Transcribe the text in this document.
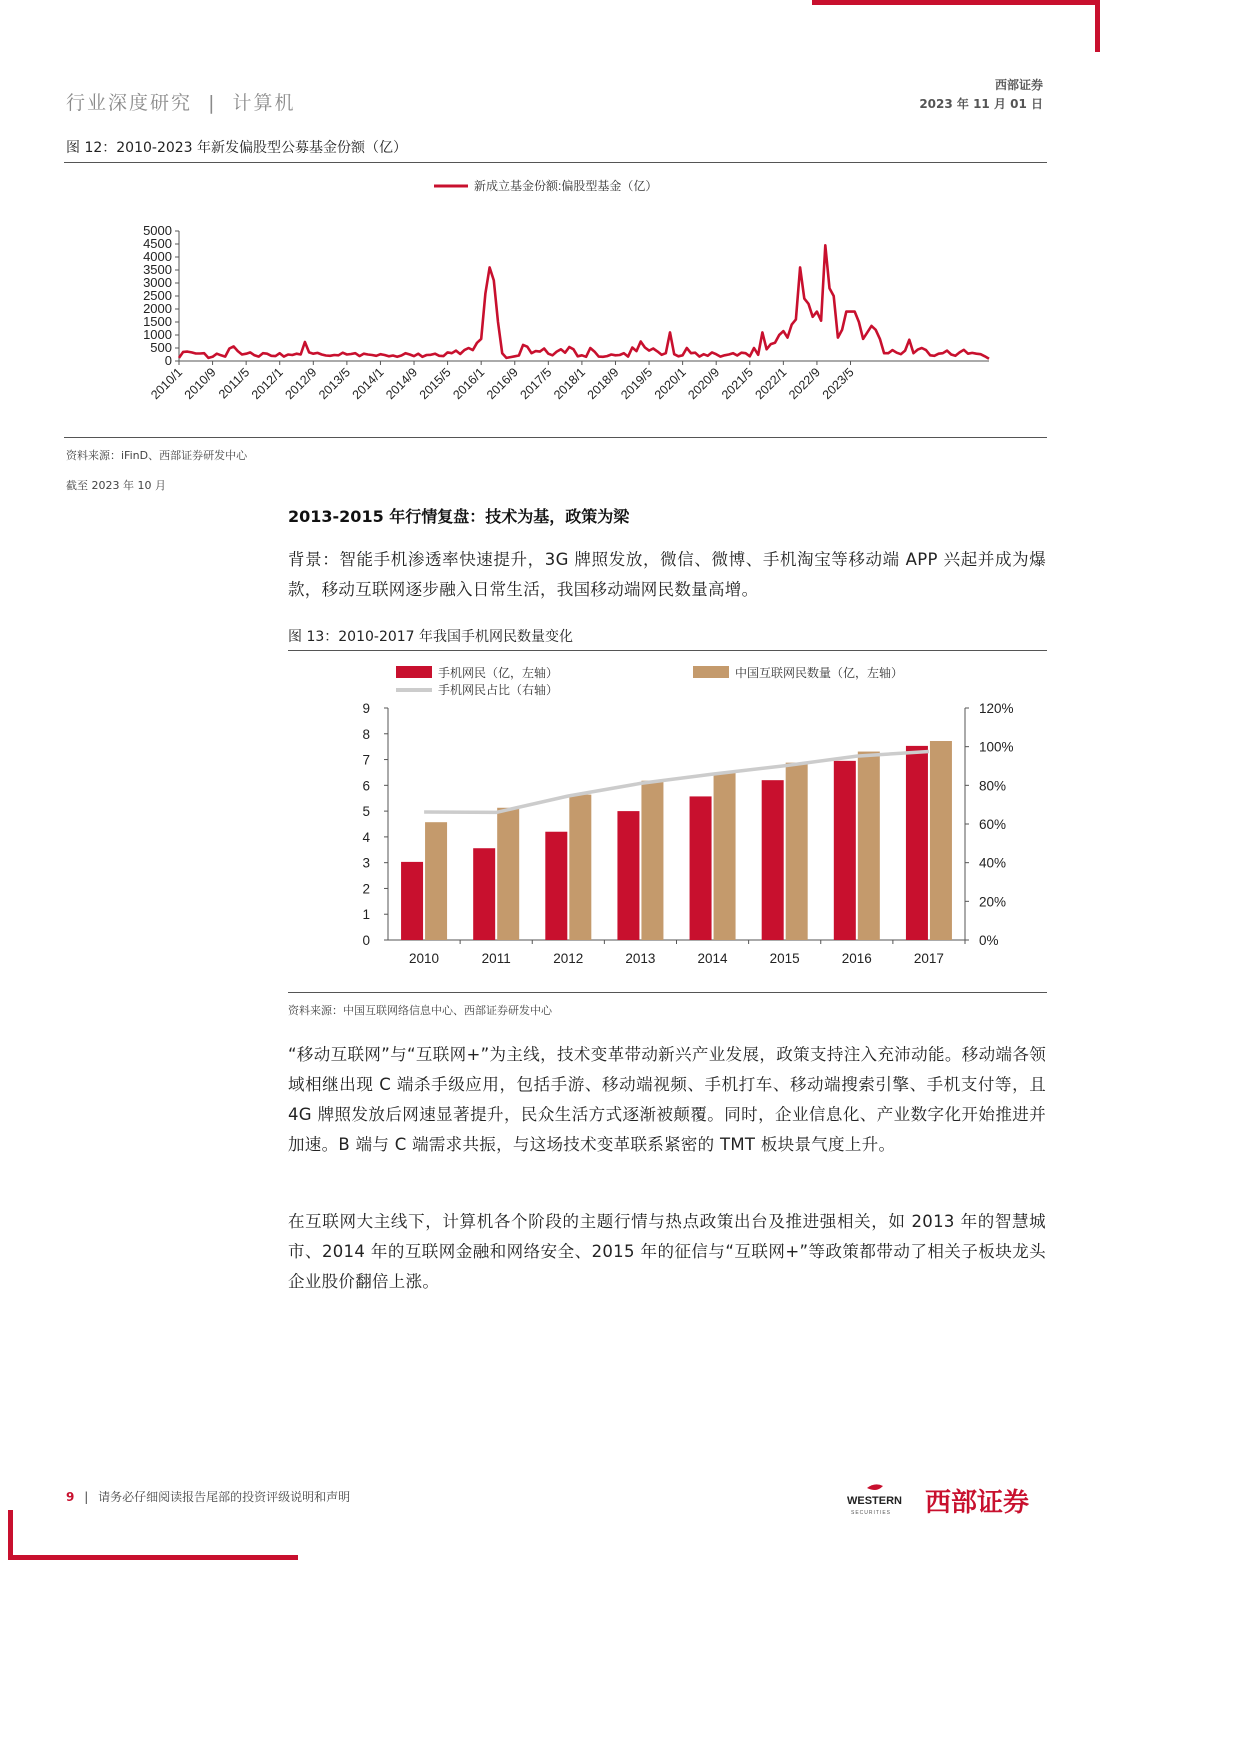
行业深度研究 | 计算机
西部证券
2023 年 11 月 01 日
图 12：2010-2023 年新发偏股型公募基金份额（亿）
新成立基金份额:偏股型基金（亿）
0
500
1000
1500
2000
2500
3000
3500
4000
4500
5000
2010/1
2010/9
2011/5
2012/1
2012/9
2013/5
2014/1
2014/9
2015/5
2016/1
2016/9
2017/5
2018/1
2018/9
2019/5
2020/1
2020/9
2021/5
2022/1
2022/9
2023/5
资料来源：iFinD、西部证券研发中心
截至 2023 年 10 月
2013-2015 年行情复盘：技术为基，政策为梁
背景：智能手机渗透率快速提升，3G 牌照发放，微信、微博、手机淘宝等移动端 APP 兴起并成为爆款，移动互联网逐步融入日常生活，我国移动端网民数量高增。
图 13：2010-2017 年我国手机网民数量变化
手机网民（亿，左轴）	中国互联网民数量（亿，左轴）
手机网民占比（右轴）
0
1
2
3
4
5
6
7
8
9
0%
20%
40%
60%
80%
100%
120%
2010	2011	2012	2013	2014	2015	2016	2017
资料来源：中国互联网络信息中心、西部证券研发中心
“移动互联网”与“互联网+”为主线，技术变革带动新兴产业发展，政策支持注入充沛动能。移动端各领域相继出现 C 端杀手级应用，包括手游、移动端视频、手机打车、移动端搜索引擎、手机支付等，且 4G 牌照发放后网速显著提升，民众生活方式逐渐被颠覆。同时，企业信息化、产业数字化开始推进并加速。B 端与 C 端需求共振，与这场技术变革联系紧密的 TMT 板块景气度上升。
在互联网大主线下，计算机各个阶段的主题行情与热点政策出台及推进强相关，如 2013 年的智慧城市、2014 年的互联网金融和网络安全、2015 年的征信与“互联网+”等政策都带动了相关子板块龙头企业股价翻倍上涨。
9 | 请务必仔细阅读报告尾部的投资评级说明和声明	WESTERN
SECURITIES 西部证券
